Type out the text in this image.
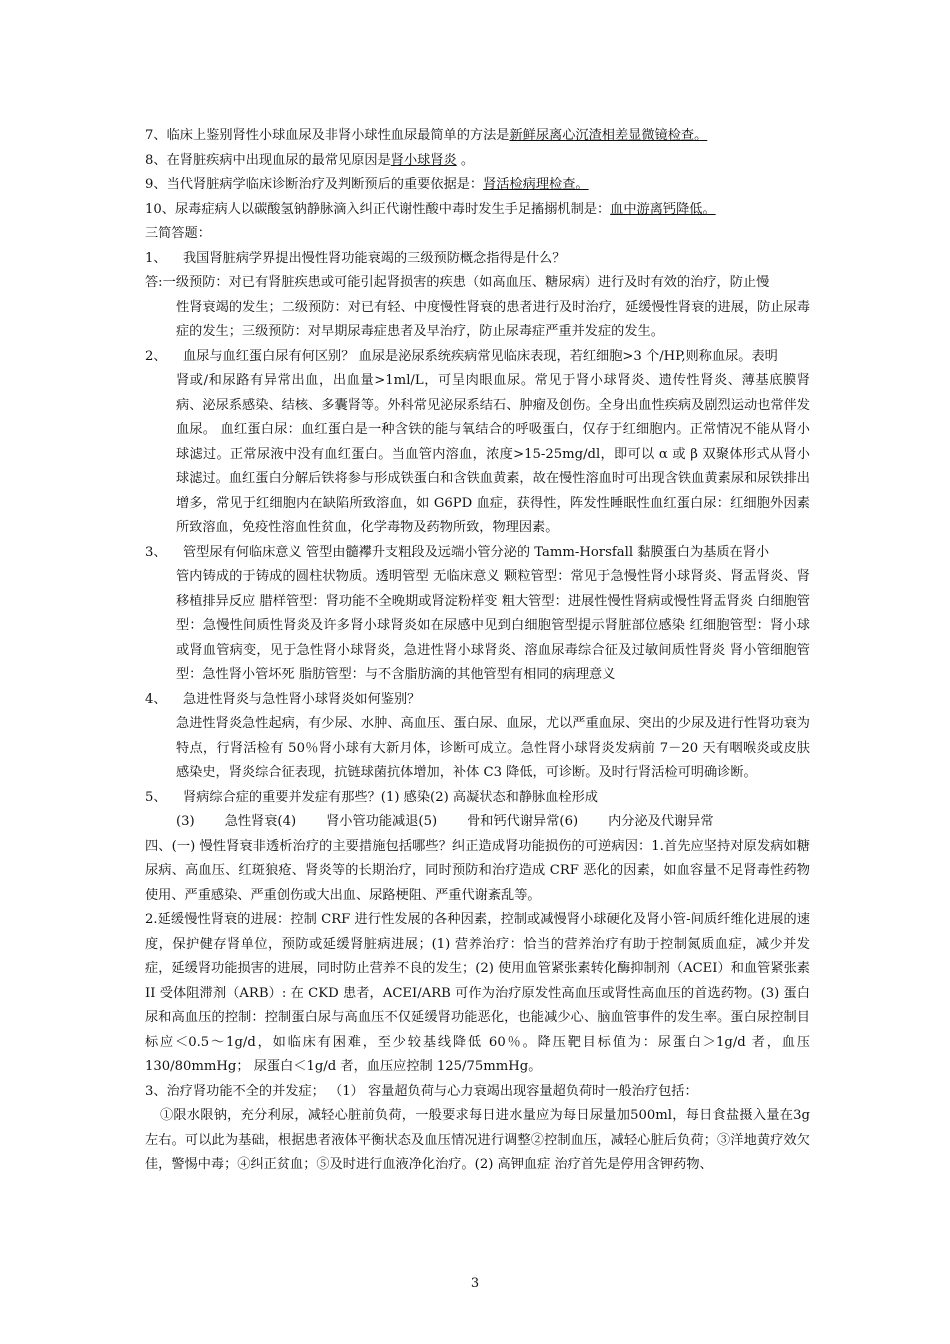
7、临床上鉴别肾性小球血尿及非肾小球性血尿最简单的方法是新鲜尿离心沉渣相差显微镜检查。
8、在肾脏疾病中出现血尿的最常见原因是肾小球肾炎 。
9、当代肾脏病学临床诊断治疗及判断预后的重要依据是：肾活检病理检查。
10、尿毒症病人以碳酸氢钠静脉滴入纠正代谢性酸中毒时发生手足搐搦机制是：血中游离钙降低。
三简答题：
1、	我国肾脏病学界提出慢性肾功能衰竭的三级预防概念指得是什么？
答:一级预防：对已有肾脏疾患或可能引起肾损害的疾患（如高血压、糖尿病）进行及时有效的治疗，防止慢
性肾衰竭的发生；二级预防：对已有轻、中度慢性肾衰的患者进行及时治疗，延缓慢性肾衰的进展，防止尿毒症的发生；三级预防：对早期尿毒症患者及早治疗，防止尿毒症严重并发症的发生。
2、	血尿与血红蛋白尿有何区别？ 血尿是泌尿系统疾病常见临床表现，若红细胞>3 个/HP,则称血尿。表明
肾或/和尿路有异常出血，出血量>1ml/L，可呈肉眼血尿。常见于肾小球肾炎、遗传性肾炎、薄基底膜肾病、泌尿系感染、结核、多囊肾等。外科常见泌尿系结石、肿瘤及创伤。全身出血性疾病及剧烈运动也常伴发血尿。 血红蛋白尿：血红蛋白是一种含铁的能与氧结合的呼吸蛋白，仅存于红细胞内。正常情况不能从肾小球滤过。正常尿液中没有血红蛋白。当血管内溶血，浓度>15-25mg/dl，即可以 α 或 β 双聚体形式从肾小球滤过。血红蛋白分解后铁将参与形成铁蛋白和含铁血黄素，故在慢性溶血时可出现含铁血黄素尿和尿铁排出增多，常见于红细胞内在缺陷所致溶血，如 G6PD 血症，获得性，阵发性睡眠性血红蛋白尿：红细胞外因素所致溶血，免疫性溶血性贫血，化学毒物及药物所致，物理因素。
3、	管型尿有何临床意义 管型由髓襻升支粗段及远端小管分泌的 Tamm-Horsfall 黏膜蛋白为基质在肾小
管内铸成的于铸成的圆柱状物质。透明管型 无临床意义 颗粒管型：常见于急慢性肾小球肾炎、肾盂肾炎、肾移植排异反应 腊样管型：肾功能不全晚期或肾淀粉样变 粗大管型：进展性慢性肾病或慢性肾盂肾炎 白细胞管型：急慢性间质性肾炎及许多肾小球肾炎如在尿感中见到白细胞管型提示肾脏部位感染 红细胞管型：肾小球或肾血管病变，见于急性肾小球肾炎，急进性肾小球肾炎、溶血尿毒综合征及过敏间质性肾炎 肾小管细胞管型：急性肾小管坏死 脂肪管型：与不含脂肪滴的其他管型有相同的病理意义
4、	急进性肾炎与急性肾小球肾炎如何鉴别？
急进性肾炎急性起病，有少尿、水肿、高血压、蛋白尿、血尿，尤以严重血尿、突出的少尿及进行性肾功衰为特点，行肾活检有 50％肾小球有大新月体，诊断可成立。急性肾小球肾炎发病前 7－20 天有咽喉炎或皮肤感染史，肾炎综合征表现，抗链球菌抗体增加，补体 C3 降低，可诊断。及时行肾活检可明确诊断。
5、	肾病综合症的重要并发症有那些？(1) 感染(2) 高凝状态和静脉血栓形成
(3) 急性肾衰(4) 肾小管功能减退(5) 骨和钙代谢异常(6) 内分泌及代谢异常
四、(一) 慢性肾衰非透析治疗的主要措施包括哪些？纠正造成肾功能损伤的可逆病因：1.首先应坚持对原发病如糖尿病、高血压、红斑狼疮、肾炎等的长期治疗，同时预防和治疗造成 CRF 恶化的因素，如血容量不足肾毒性药物使用、严重感染、严重创伤或大出血、尿路梗阻、严重代谢紊乱等。
2.延缓慢性肾衰的进展：控制 CRF 进行性发展的各种因素，控制或减慢肾小球硬化及肾小管-间质纤维化进展的速度，保护健存肾单位，预防或延缓肾脏病进展；(1) 营养治疗：恰当的营养治疗有助于控制氮质血症，减少并发症，延缓肾功能损害的进展，同时防止营养不良的发生；(2) 使用血管紧张素转化酶抑制剂（ACEI）和血管紧张素 II 受体阻滞剂（ARB）: 在 CKD 患者，ACEI/ARB 可作为治疗原发性高血压或肾性高血压的首选药物。(3) 蛋白尿和高血压的控制：控制蛋白尿与高血压不仅延缓肾功能恶化，也能减少心、脑血管事件的发生率。蛋白尿控制目标应＜0.5～1g/d，如临床有困难，至少较基线降低 60％。降压靶目标值为：尿蛋白＞1g/d 者，血压 130/80mmHg； 尿蛋白＜1g/d 者，血压应控制 125/75mmHg。
3、治疗肾功能不全的并发症； （1） 容量超负荷与心力衰竭出现容量超负荷时一般治疗包括：
①限水限钠，充分利尿，减轻心脏前负荷，一般要求每日进水量应为每日尿量加500ml，每日食盐摄入量在3g左右。可以此为基础，根据患者液体平衡状态及血压情况进行调整②控制血压，减轻心脏后负荷；③洋地黄疗效欠佳，警惕中毒；④纠正贫血；⑤及时进行血液净化治疗。(2) 高钾血症 治疗首先是停用含钾药物、
3
